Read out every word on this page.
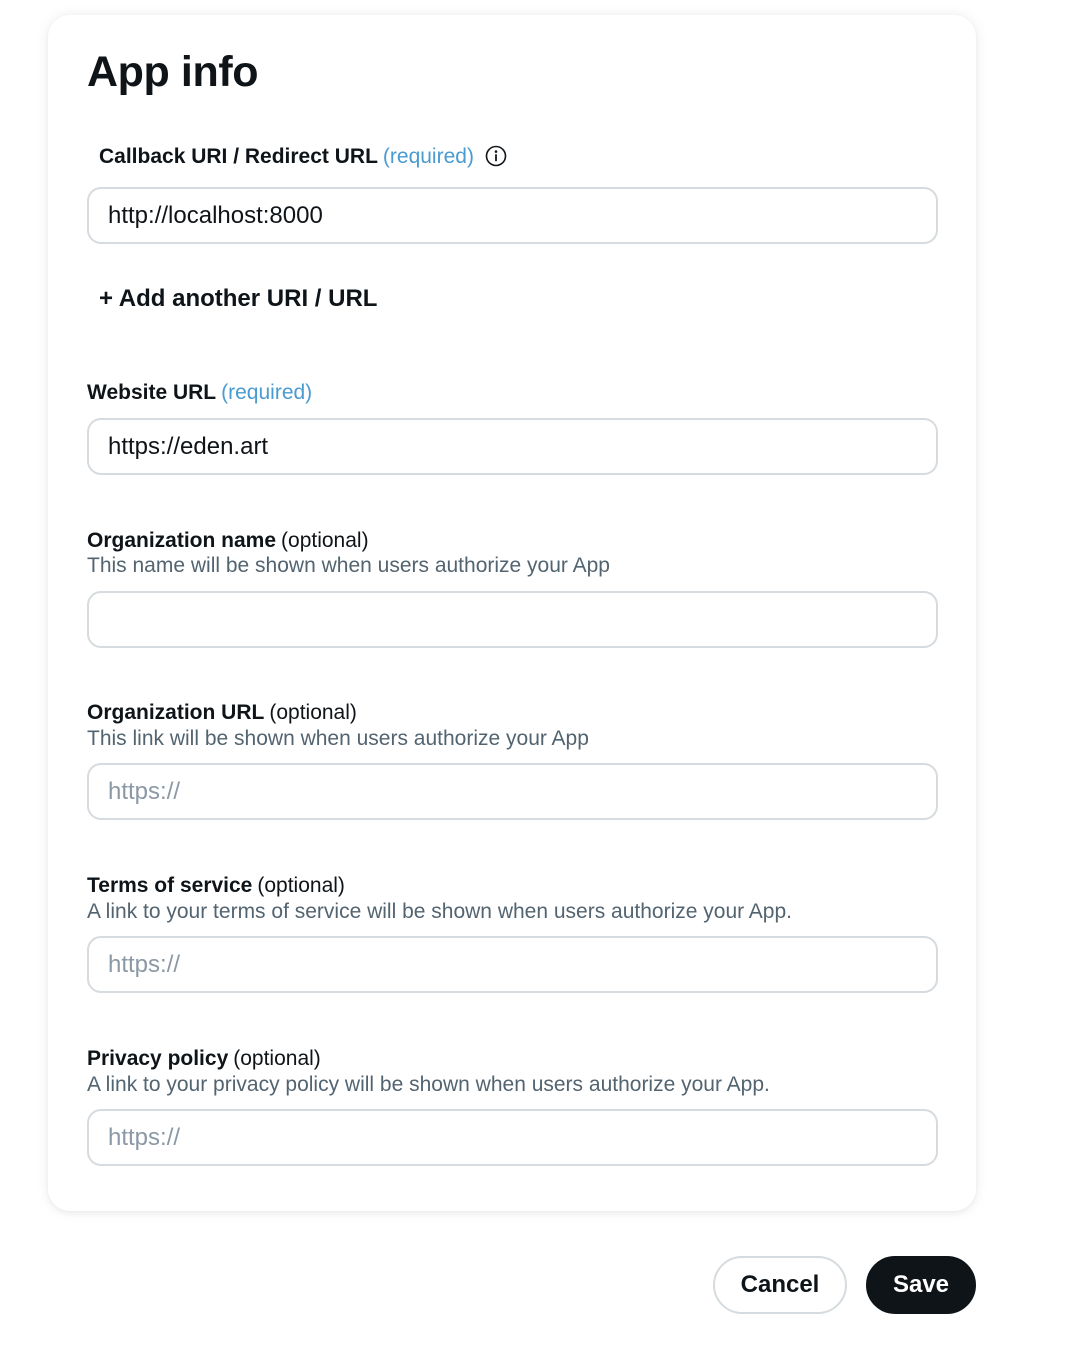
App info
Callback URI / Redirect URL (required)
http://localhost:8000
+ Add another URI / URL
Website URL (required)
https://eden.art
Organization name (optional)
This name will be shown when users authorize your App
Organization URL (optional)
This link will be shown when users authorize your App
https://
Terms of service (optional)
A link to your terms of service will be shown when users authorize your App.
https://
Privacy policy (optional)
A link to your privacy policy will be shown when users authorize your App.
https://
Cancel	Save
